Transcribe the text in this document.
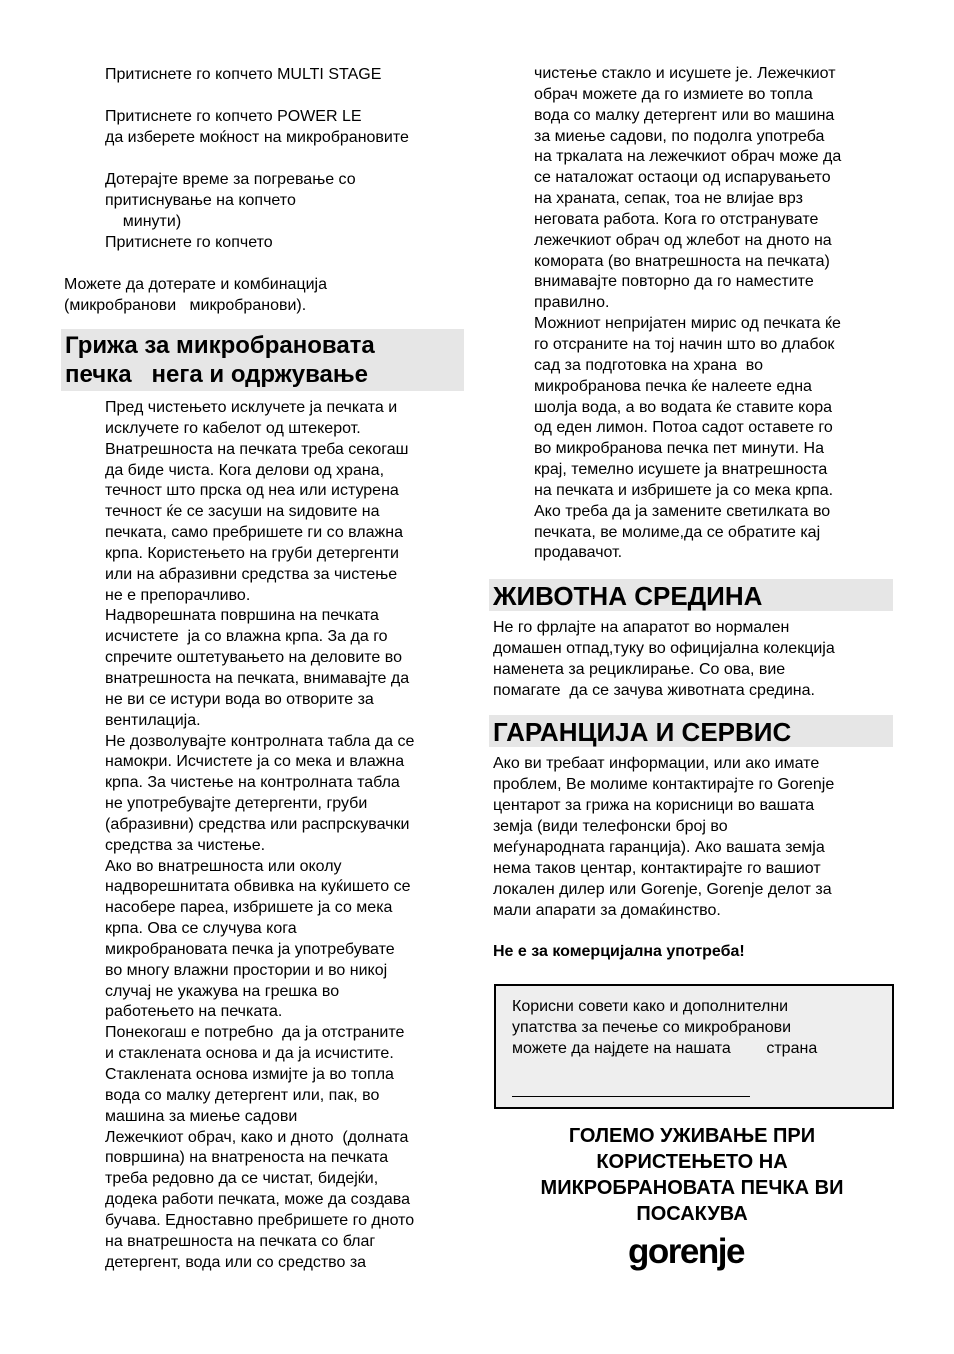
Притиснете го копчето MULTI STAGE

Притиснете го копчето POWER LE
да изберете моќност на микробрановите

Дотерајте време за погревање со
притиснување на копчето
минути)
Притиснете го копчето
Можете да дотерате и комбинација
(микробранови   микробранови).
Грижа за микробрановата
печка   нега и одржување
Пред чистењето исклучете ја печката и
исклучете го кабелот од штекерот.
Внатрешноста на печката треба секогаш
да биде чиста. Кога делови од храна,
течност што прска од неа или истурена
течност ќе се засуши на ѕидовите на
печката, само пребришете ги со влажна
крпа. Користењето на груби детергенти
или на абразивни средства за чистење
не е препорачливо.
Надворешната површина на печката
исчистете  ја со влажна крпа. За да го
спречите оштетувањето на деловите во
внатрешноста на печката, внимавајте да
не ви се истури вода во отворите за
вентилација.
Не дозволувајте контролната табла да се
намокри. Исчистете ја со мека и влажна
крпа. За чистење на контролната табла
не употребувајте детергенти, груби
(абразивни) средства или распрскувачки
средства за чистење.
Ако во внатрешноста или околу
надворешнитата обвивка на куќишето се
насобере пареа, избришете ја со мека
крпа. Ова се случува кога
микробрановата печка ја употребувате
во многу влажни простории и во никој
случај не укажува на грешка во
работењето на печката.
Понекогаш е потребно  да ја отстраните
и стаклената основа и да ја исчистите.
Стаклената основа измијте ја во топла
вода со малку детергент или, пак, во
машина за миење садови
Лежечкиот обрач, како и дното  (долната
површина) на внатреноста на печката
треба редовно да се чистат, бидејќи,
додека работи печката, може да создава
бучава. Едноставно пребришете го дното
на внатрешноста на печката со благ
детергент, вода или со средство за
чистење стакло и исушете је. Лежечкиот
обрач можете да го измиете во топла
вода со малку детергент или во машина
за миење садови, по подолга употреба
на тркалата на лежечкиот обрач може да
се наталожат остаоци од испарувањето
на храната, сепак, тоа не влијае врз
неговата работа. Кога го отстранувате
лежечкиот обрач од жлебот на дното на
комората (во внатрешноста на печката)
внимавајте повторно да го наместите
правилно.
Можниот непријатен мирис од печката ќе
го отсраните на тој начин што во длабок
сад за подготовка на храна  во
микробранова печка ќе налеете една
шолја вода, а во водата ќе ставите кора
од еден лимон. Потоа садот оставете го
во микробранова печка пет минути. На
крај, темелно исушете ја внатрешноста
на печката и избришете ја со мека крпа.
Ако треба да ја замените светилката во
печката, ве молиме,да се обратите кај
продавачот.
ЖИВОТНА СРЕДИНА
Не го фрлајте на апаратот во нормален
домашен отпад,туку во официјална колекција
наменета за рециклирање. Со ова, вие
помагате  да се зачува животната средина.
ГАРАНЦИЈА И СЕРВИС
Ако ви требаат информации, или ако имате
проблем, Ве молиме контактирајте го Gorenje
центарот за грижа на корисници во вашата
земја (види телефонски број во
меѓународната гаранција). Ако вашата земја
нема таков центар, контактирајте го вашиот
локален дилер или Gorenje, Gorenje делот за
мали апарати за домаќинство.
Не е за комерцијална употреба!
Корисни совети како и дополнителни
упатства за печење со микробранови
можете да најдете на нашата        страна
ГОЛЕМО УЖИВАЊЕ ПРИ
КОРИСТЕЊЕТО НА
МИКРОБРАНОВАТА ПЕЧКА ВИ
ПОСАКУВА
gorenje
